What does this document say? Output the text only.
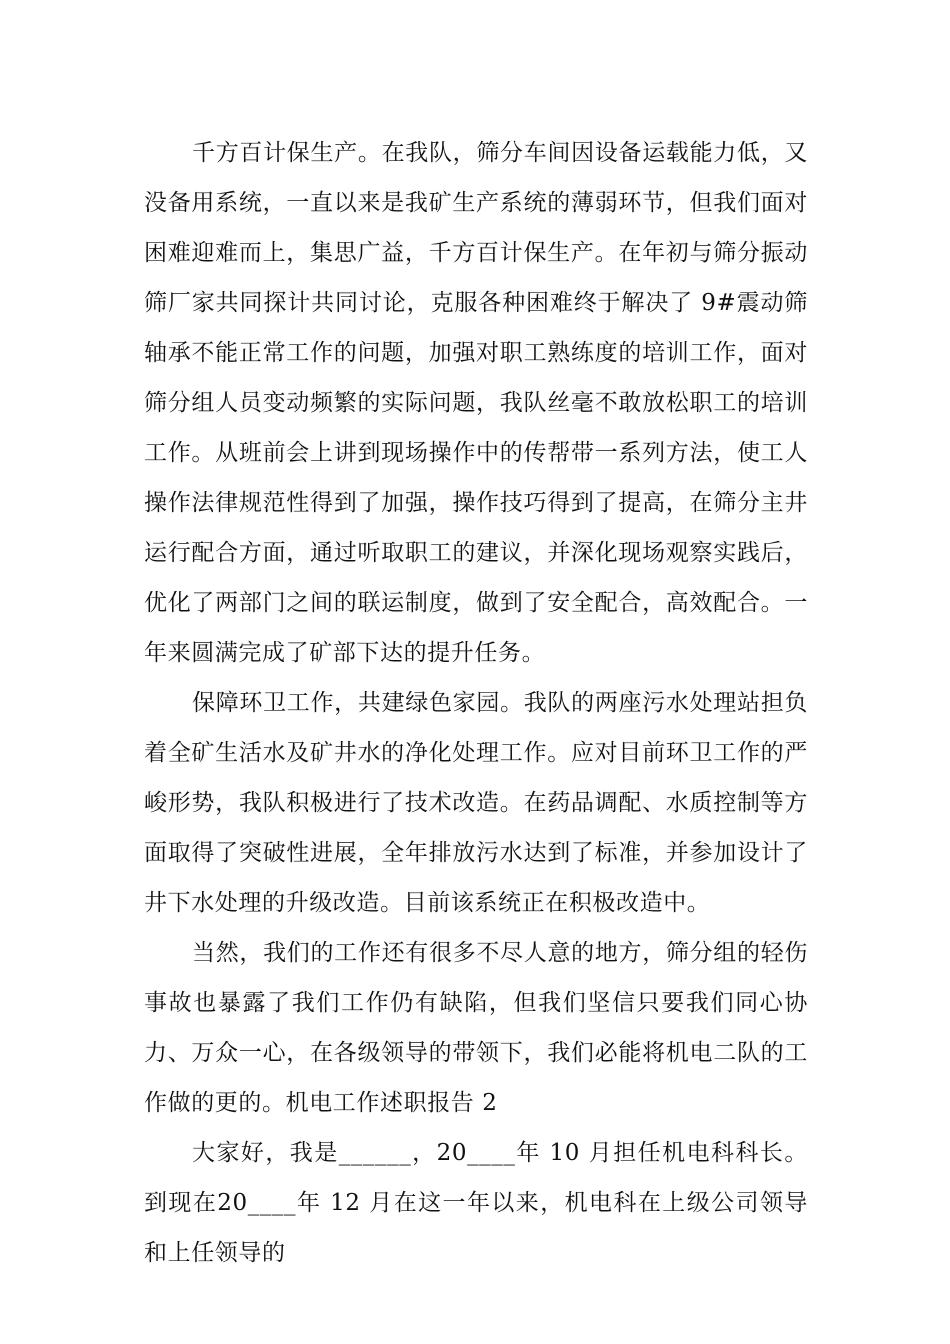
千方百计保生产。在我队，筛分车间因设备运载能力低，又没备用系统，一直以来是我矿生产系统的薄弱环节，但我们面对困难迎难而上，集思广益，千方百计保生产。在年初与筛分振动筛厂家共同探计共同讨论，克服各种困难终于解决了 9#震动筛轴承不能正常工作的问题，加强对职工熟练度的培训工作，面对筛分组人员变动频繁的实际问题，我队丝毫不敢放松职工的培训工作。从班前会上讲到现场操作中的传帮带一系列方法，使工人操作法律规范性得到了加强，操作技巧得到了提高，在筛分主井运行配合方面，通过听取职工的建议，并深化现场观察实践后，优化了两部门之间的联运制度，做到了安全配合，高效配合。一年来圆满完成了矿部下达的提升任务。

保障环卫工作，共建绿色家园。我队的两座污水处理站担负着全矿生活水及矿井水的净化处理工作。应对目前环卫工作的严峻形势，我队积极进行了技术改造。在药品调配、水质控制等方面取得了突破性进展，全年排放污水达到了标准，并参加设计了井下水处理的升级改造。目前该系统正在积极改造中。

当然，我们的工作还有很多不尽人意的地方，筛分组的轻伤事故也暴露了我们工作仍有缺陷，但我们坚信只要我们同心协力、万众一心，在各级领导的带领下，我们必能将机电二队的工作做的更的。机电工作述职报告 2

大家好，我是______，20____年 10 月担任机电科科长。到现在20____年 12 月在这一年以来，机电科在上级公司领导和上任领导的
